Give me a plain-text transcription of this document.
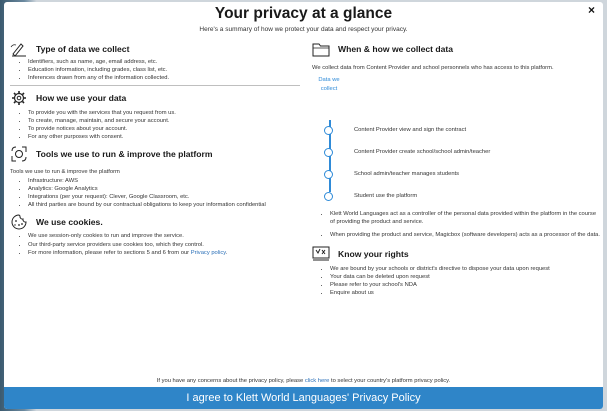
×
Your privacy at a glance
Here's a summary of how we protect your data and respect your privacy.
Type of data we collect
• Identifiers, such as name, age, email address, etc.
• Education information, including grades, class list, etc.
• Inferences drawn from any of the information collected.
How we use your data
• To provide you with the services that you request from us.
• To create, manage, maintain, and secure your account.
• To provide notices about your account.
• For any other purposes with consent.
Tools we use to run & improve the platform

Tools we use to run & improve the platform

• Infrastructure: AWS
• Analytics: Google Analytics
• Integrations (per your request): Clever, Google Classroom, etc.
• All third parties are bound by our contractual obligations to keep your information confidential
We use cookies.
• We use session-only cookies to run and improve the service.
• Our third-party service providers use cookies too, which they control.
• For more information, please refer to sections 5 and 6 from our Privacy policy.
When & how we collect data

We collect data from Content Provider and school personnels who has access to this platform.

Data we collect
Content Provider view and sign the contract
Content Provider create school/school admin/teacher
School admin/teacher manages students
Student use the platform
• Klett World Languages act as a controller of the personal data provided within the platform in the course of providing the product and service.
• When providing the product and service, Magicbox (software developers) acts as a processor of the data.
Know your rights
• We are bound by your schools or district's directive to dispose your data upon request
• Your data can be deleted upon request
• Please refer to your school's NDA
• Enquire about us
If you have any concerns about the privacy policy, please click here to select your country's platform privacy policy.
I agree to Klett World Languages' Privacy Policy
